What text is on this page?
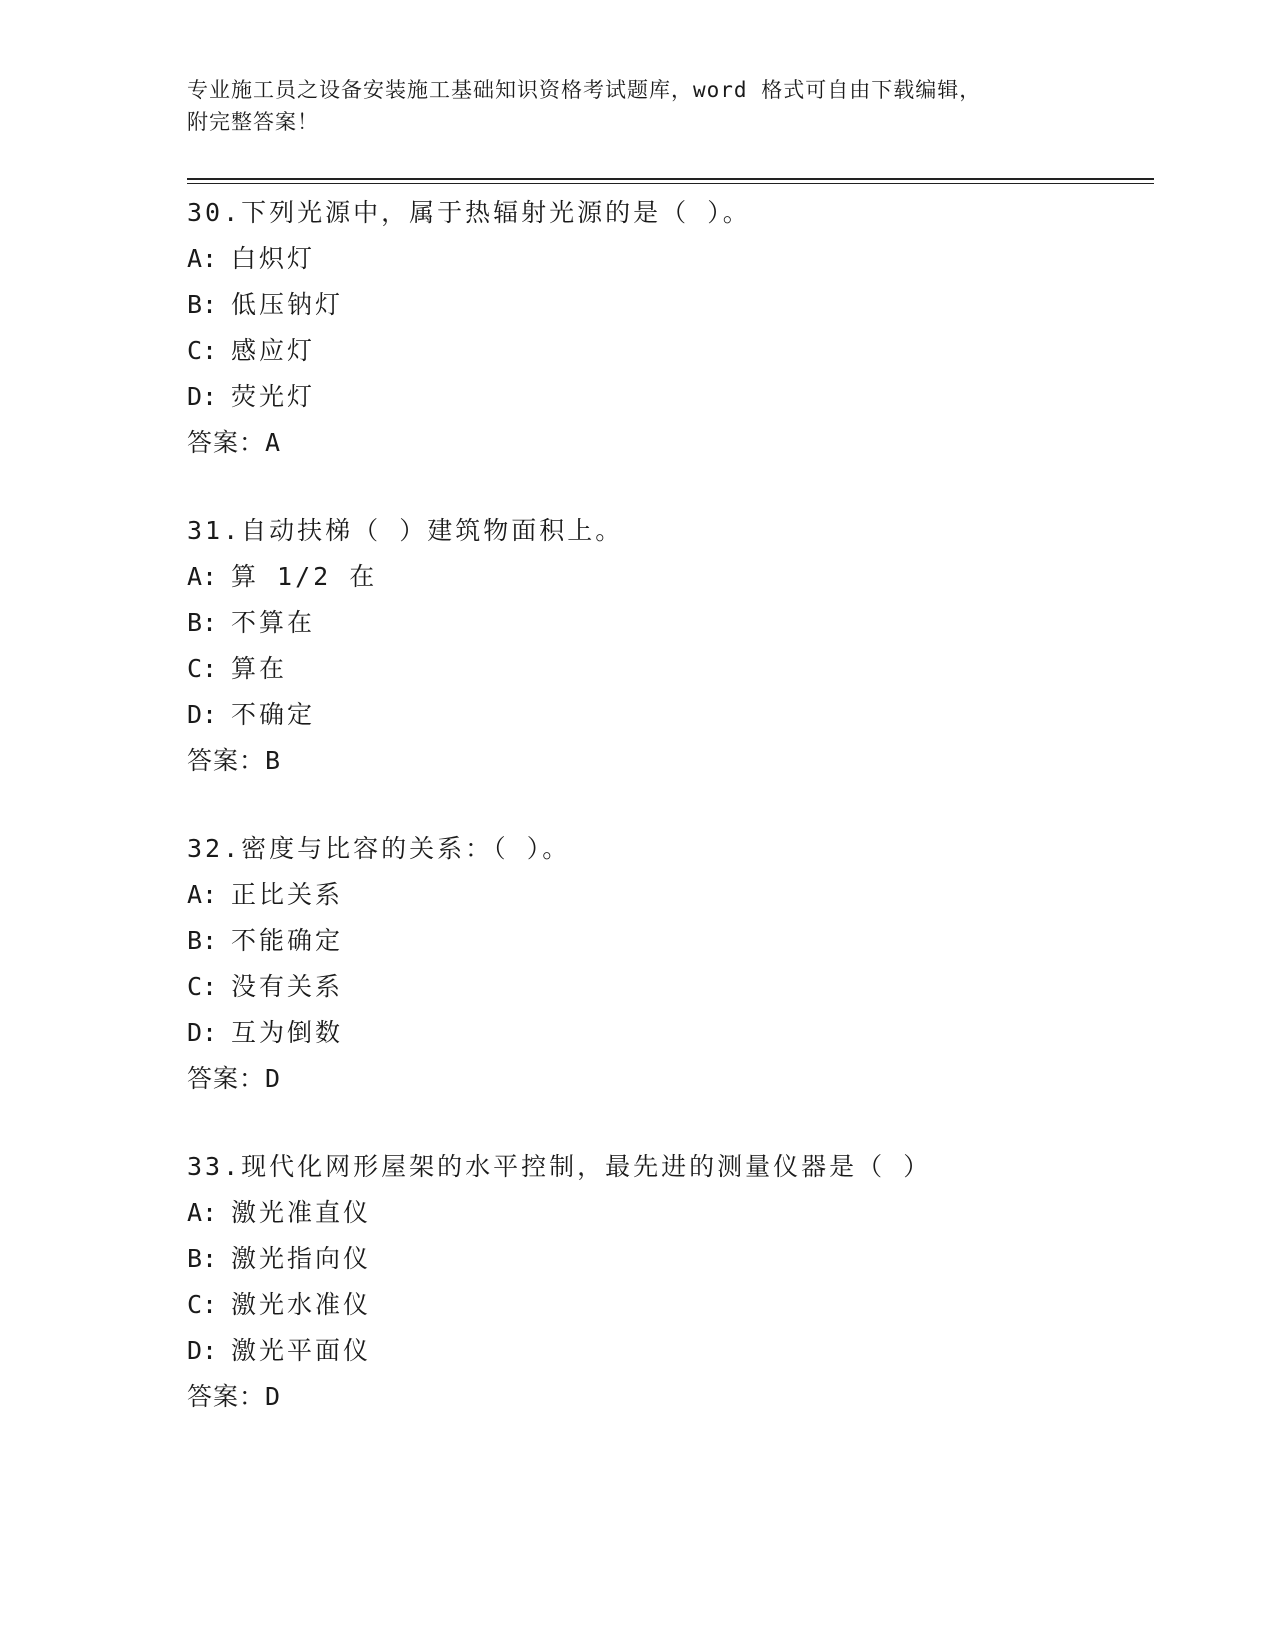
专业施工员之设备安装施工基础知识资格考试题库，word 格式可自由下载编辑，
附完整答案！
30.下列光源中，属于热辐射光源的是（ ）。
A: 白炽灯
B: 低压钠灯
C: 感应灯
D: 荧光灯
答案：A
31.自动扶梯（ ）建筑物面积上。
A: 算 1/2 在
B: 不算在
C: 算在
D: 不确定
答案：B
32.密度与比容的关系：（ ）。
A: 正比关系
B: 不能确定
C: 没有关系
D: 互为倒数
答案：D
33.现代化网形屋架的水平控制，最先进的测量仪器是（ ）
A: 激光准直仪
B: 激光指向仪
C: 激光水准仪
D: 激光平面仪
答案：D
